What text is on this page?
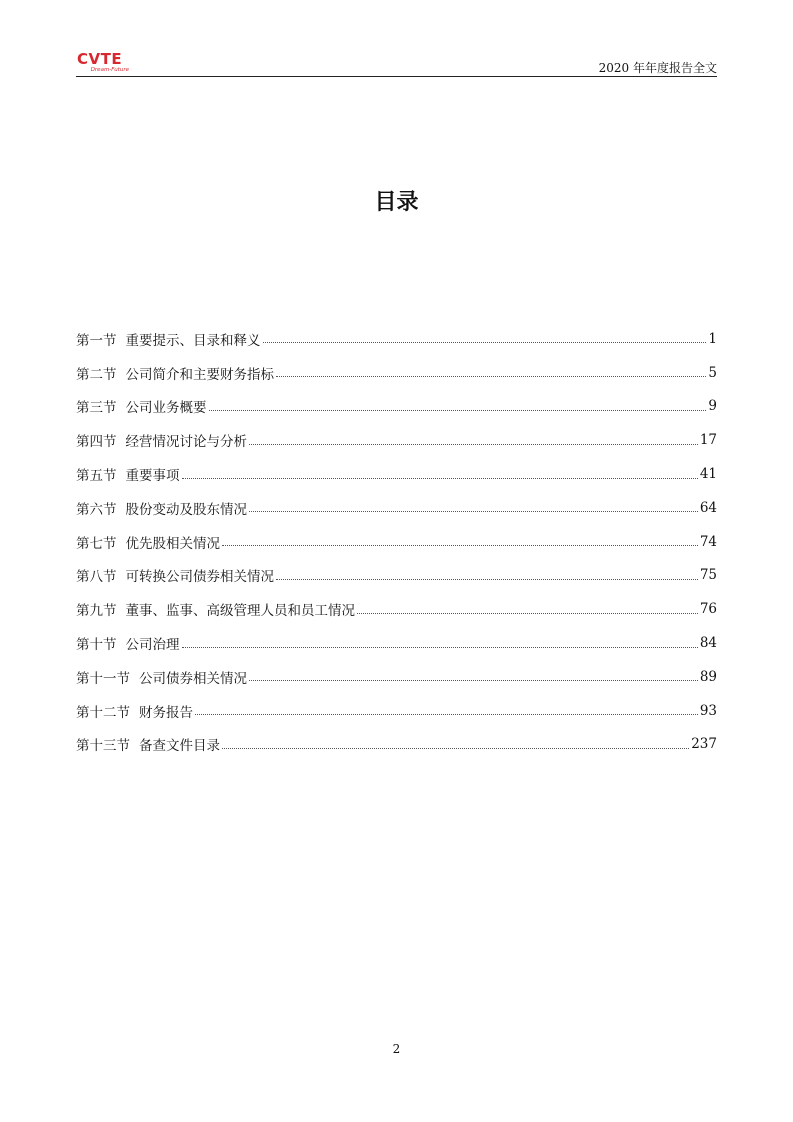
CVTE
Dream-Future	2020 年年度报告全文
目录
第一节 重要提示、目录和释义	1
第二节 公司简介和主要财务指标	5
第三节 公司业务概要	9
第四节 经营情况讨论与分析	17
第五节 重要事项	41
第六节 股份变动及股东情况	64
第七节 优先股相关情况	74
第八节 可转换公司债券相关情况	75
第九节 董事、监事、高级管理人员和员工情况	76
第十节 公司治理	84
第十一节 公司债券相关情况	89
第十二节 财务报告	93
第十三节 备查文件目录	237
2
